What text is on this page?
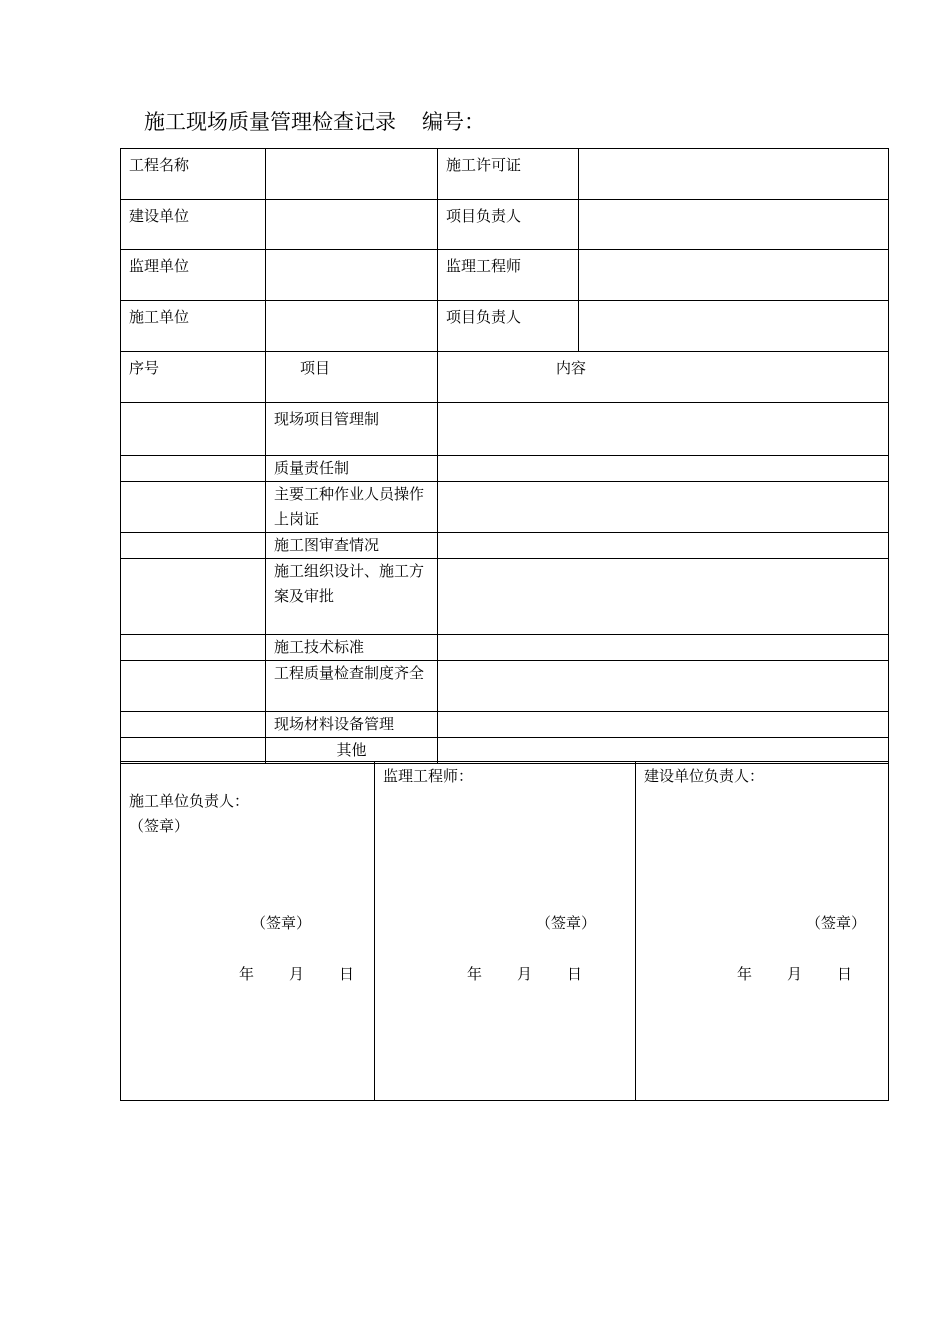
施工现场质量管理检查记录 编号：
工程名称		施工许可证	
建设单位		项目负责人	
监理单位		监理工程师	
施工单位		项目负责人	
序号	项目	内容	
	现场项目管理制		
	质量责任制		
	主要工种作业人员操作上岗证		
	施工图审查情况		
	施工组织设计、施工方案及审批		
	施工技术标准		
	工程质量检查制度齐全		
	现场材料设备管理		
	其他		
施工单位负责人：
（签章）
（签章）
年 月 日

监理工程师：
（签章）
年 月 日

建设单位负责人：
（签章）
年 月 日
